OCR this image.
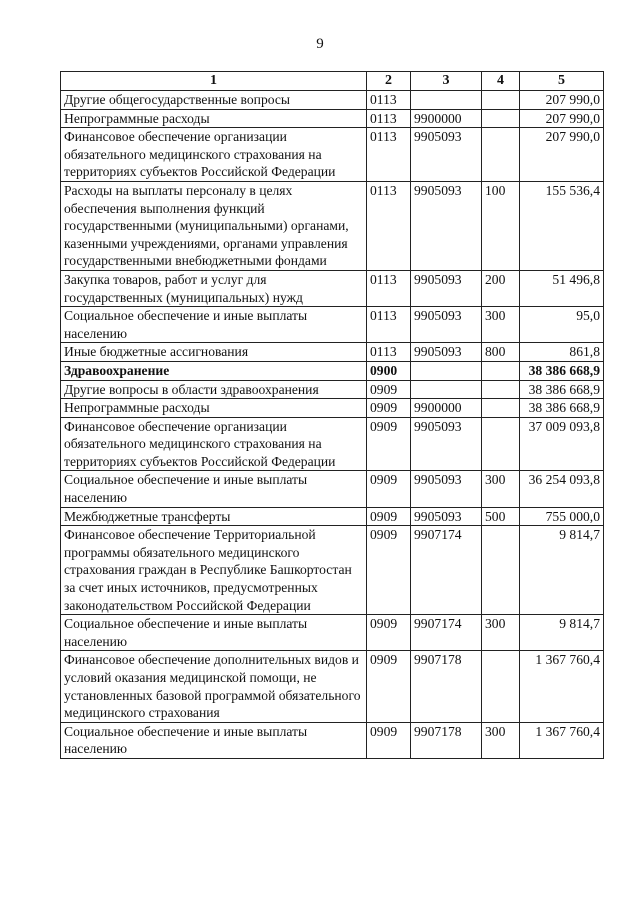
9
1	2	3	4	5
Другие общегосударственные вопросы	0113			207 990,0
Непрограммные расходы	0113	9900000		207 990,0
Финансовое обеспечение организации обязательного медицинского страхования на территориях субъектов Российской Федерации	0113	9905093		207 990,0
Расходы на выплаты персоналу в целях обеспечения выполнения функций государственными (муниципальными) органами, казенными учреждениями, органами управления государственными внебюджетными фондами	0113	9905093	100	155 536,4
Закупка товаров, работ и услуг для государственных (муниципальных) нужд	0113	9905093	200	51 496,8
Социальное обеспечение и иные выплаты населению	0113	9905093	300	95,0
Иные бюджетные ассигнования	0113	9905093	800	861,8
Здравоохранение	0900			38 386 668,9
Другие вопросы в области здравоохранения	0909			38 386 668,9
Непрограммные расходы	0909	9900000		38 386 668,9
Финансовое обеспечение организации обязательного медицинского страхования на территориях субъектов Российской Федерации	0909	9905093		37 009 093,8
Социальное обеспечение и иные выплаты населению	0909	9905093	300	36 254 093,8
Межбюджетные трансферты	0909	9905093	500	755 000,0
Финансовое обеспечение Территориальной программы обязательного медицинского страхования граждан в Республике Башкортостан за счет иных источников, предусмотренных законодательством Российской Федерации	0909	9907174		9 814,7
Социальное обеспечение и иные выплаты населению	0909	9907174	300	9 814,7
Финансовое обеспечение дополнительных видов и условий оказания медицинской помощи, не установленных базовой программой обязательного медицинского страхования	0909	9907178		1 367 760,4
Социальное обеспечение и иные выплаты населению	0909	9907178	300	1 367 760,4
